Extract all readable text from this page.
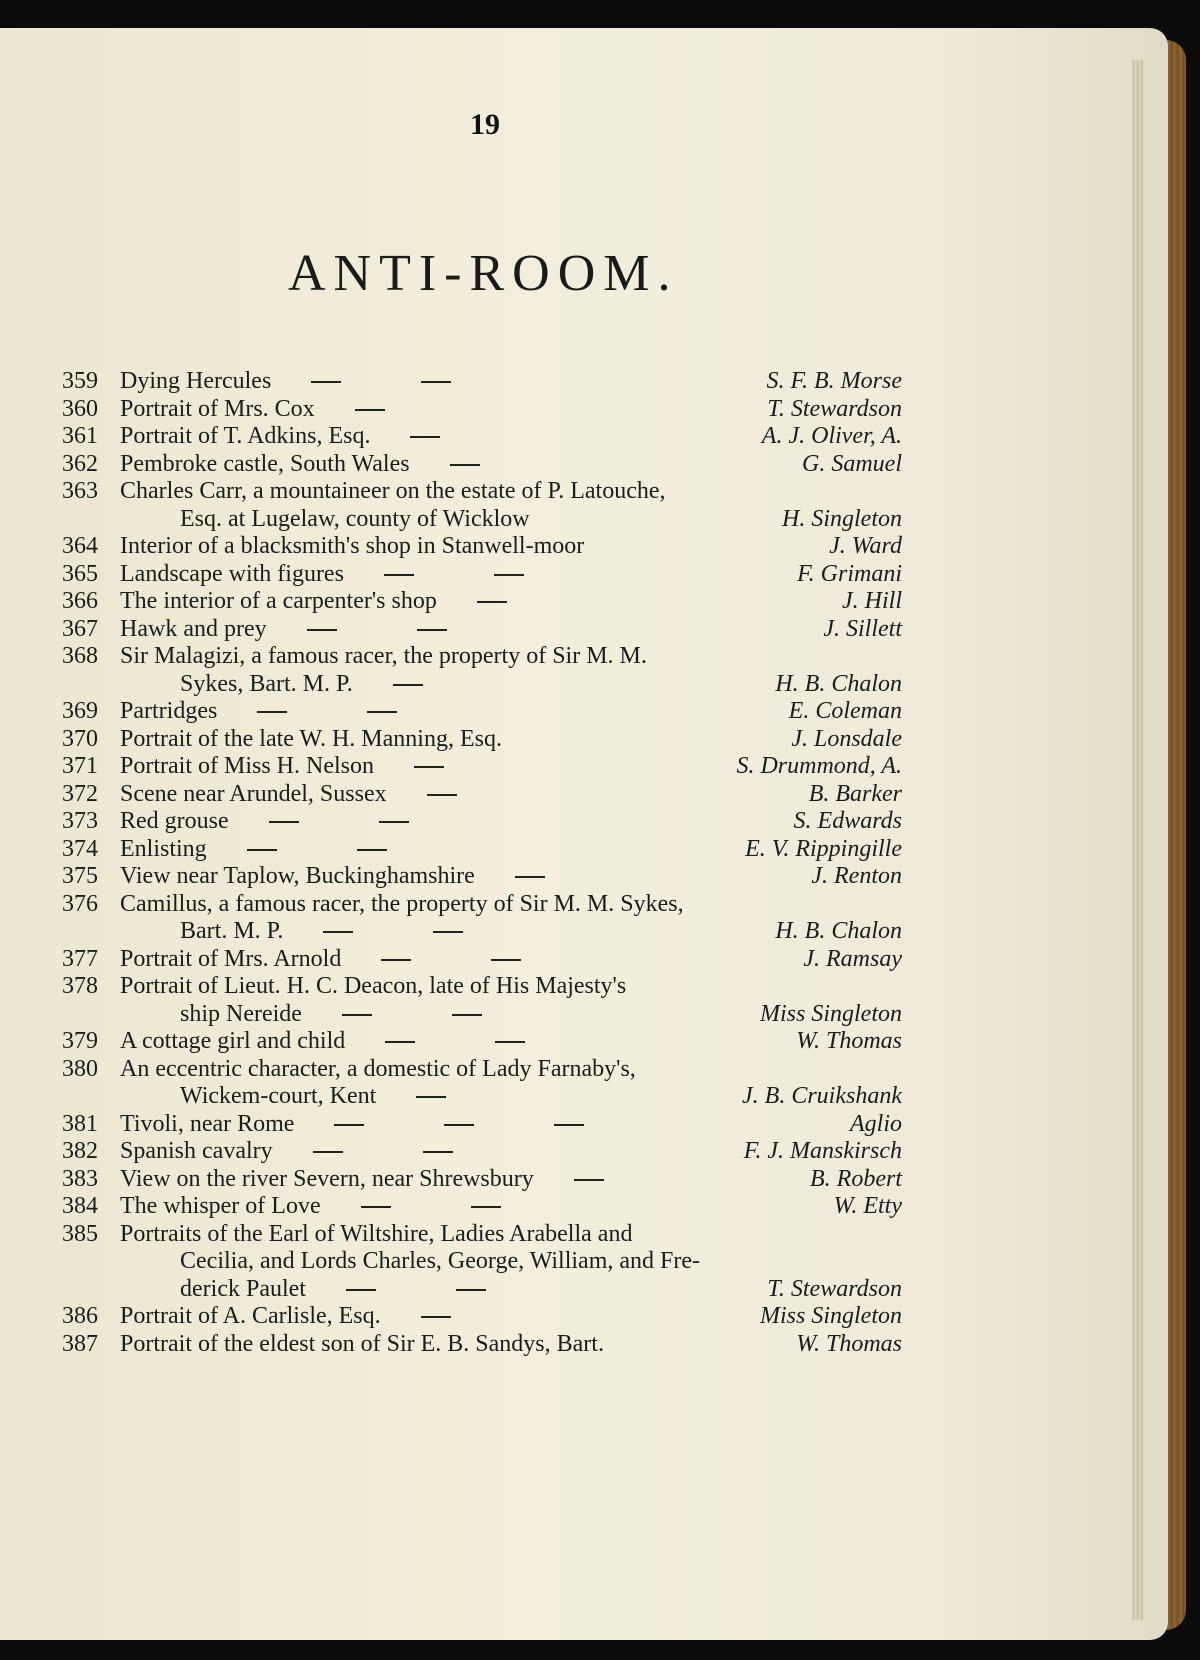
19
ANTI-ROOM.
359 Dying Hercules	S. F. B. Morse
360 Portrait of Mrs. Cox	T. Stewardson
361 Portrait of T. Adkins, Esq.	A. J. Oliver, A.
362 Pembroke castle, South Wales	G. Samuel
363 Charles Carr, a mountaineer on the estate of P. Latouche,
Esq. at Lugelaw, county of Wicklow	H. Singleton
364 Interior of a blacksmith's shop in Stanwell-moor	J. Ward
365 Landscape with figures	F. Grimani
366 The interior of a carpenter's shop	J. Hill
367 Hawk and prey	J. Sillett
368 Sir Malagizi, a famous racer, the property of Sir M. M.
Sykes, Bart. M. P.	H. B. Chalon
369 Partridges	E. Coleman
370 Portrait of the late W. H. Manning, Esq.	J. Lonsdale
371 Portrait of Miss H. Nelson	S. Drummond, A.
372 Scene near Arundel, Sussex	B. Barker
373 Red grouse	S. Edwards
374 Enlisting	E. V. Rippingille
375 View near Taplow, Buckinghamshire	J. Renton
376 Camillus, a famous racer, the property of Sir M. M. Sykes,
Bart. M. P.	H. B. Chalon
377 Portrait of Mrs. Arnold	J. Ramsay
378 Portrait of Lieut. H. C. Deacon, late of His Majesty's
ship Nereide	Miss Singleton
379 A cottage girl and child	W. Thomas
380 An eccentric character, a domestic of Lady Farnaby's,
Wickem-court, Kent	J. B. Cruikshank
381 Tivoli, near Rome	Aglio
382 Spanish cavalry	F. J. Manskirsch
383 View on the river Severn, near Shrewsbury	B. Robert
384 The whisper of Love	W. Etty
385 Portraits of the Earl of Wiltshire, Ladies Arabella and
Cecilia, and Lords Charles, George, William, and Fre-
derick Paulet	T. Stewardson
386 Portrait of A. Carlisle, Esq.	Miss Singleton
387 Portrait of the eldest son of Sir E. B. Sandys, Bart.	W. Thomas
